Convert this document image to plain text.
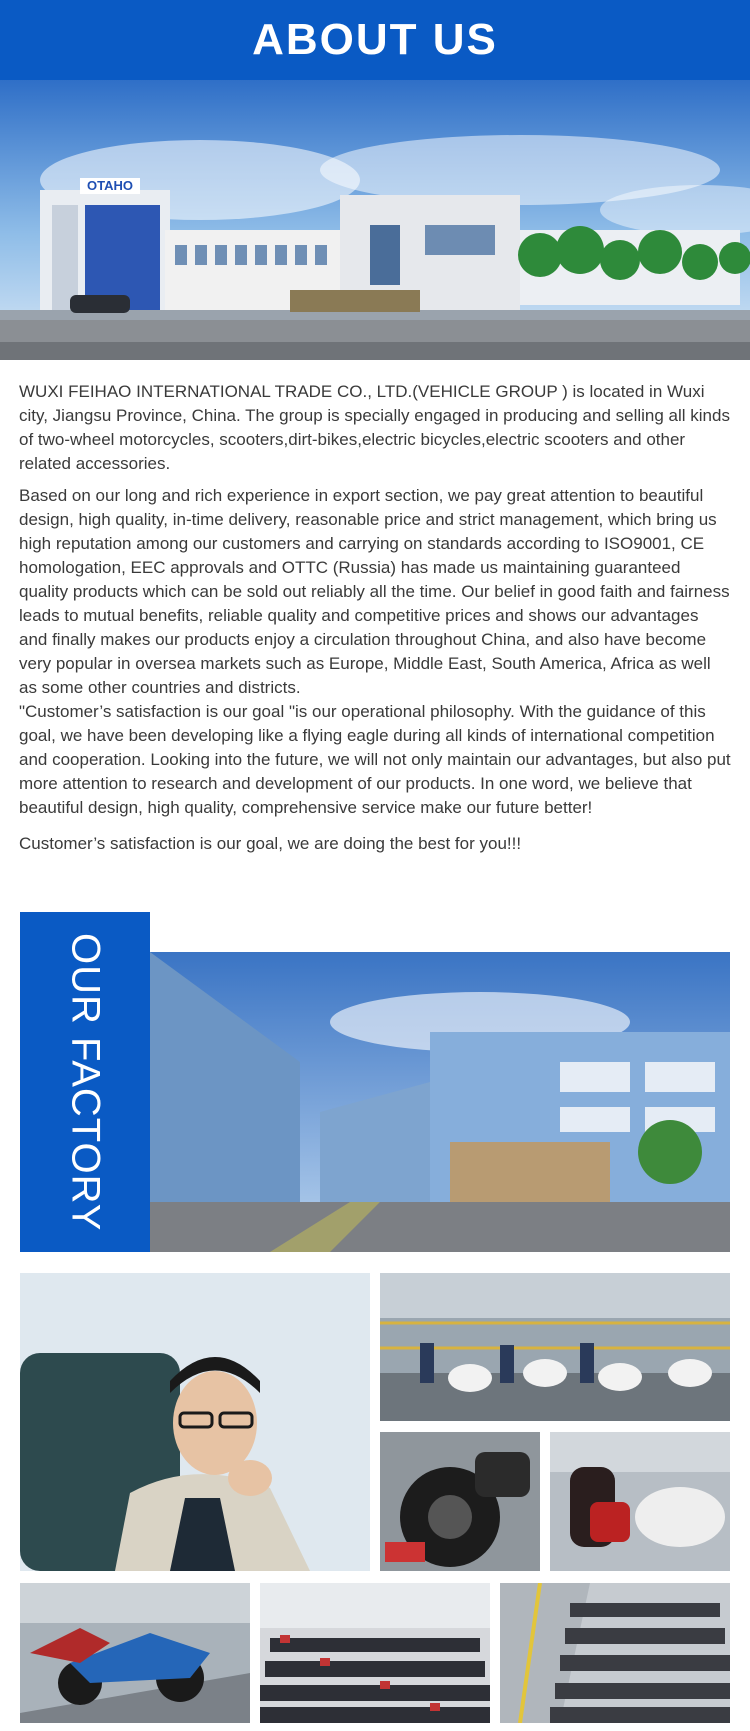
ABOUT US
OTAHO

WUXI FEIHAO INTERNATIONAL TRADE CO., LTD.(VEHICLE GROUP ) is located in Wuxi city, Jiangsu Province, China. The group is specially engaged in producing and selling all kinds of two-wheel motorcycles, scooters,dirt-bikes,electric bicycles,electric scooters and other related accessories.

Based on our long and rich experience in export section, we pay great attention to beautiful design, high quality, in-time delivery, reasonable price and strict management, which bring us high reputation among our customers and carrying on standards according to ISO9001, CE homologation, EEC approvals and OTTC (Russia) has made us maintaining guaranteed quality products which can be sold out reliably all the time. Our belief in good faith and fairness leads to mutual benefits, reliable quality and competitive prices and shows our advantages and finally makes our products enjoy a circulation throughout China, and also have become very popular in oversea markets such as Europe, Middle East, South America, Africa as well as some other countries and districts.

"Customer’s satisfaction is our goal "is our operational philosophy. With the guidance of this goal, we have been developing like a flying eagle during all kinds of international competition and cooperation. Looking into the future, we will not only maintain our advantages, but also put more attention to research and development of our products. In one word, we believe that beautiful design, high quality, comprehensive service make our future better!

Customer’s satisfaction is our goal, we are doing the best for you!!!

OUR FACTORY
